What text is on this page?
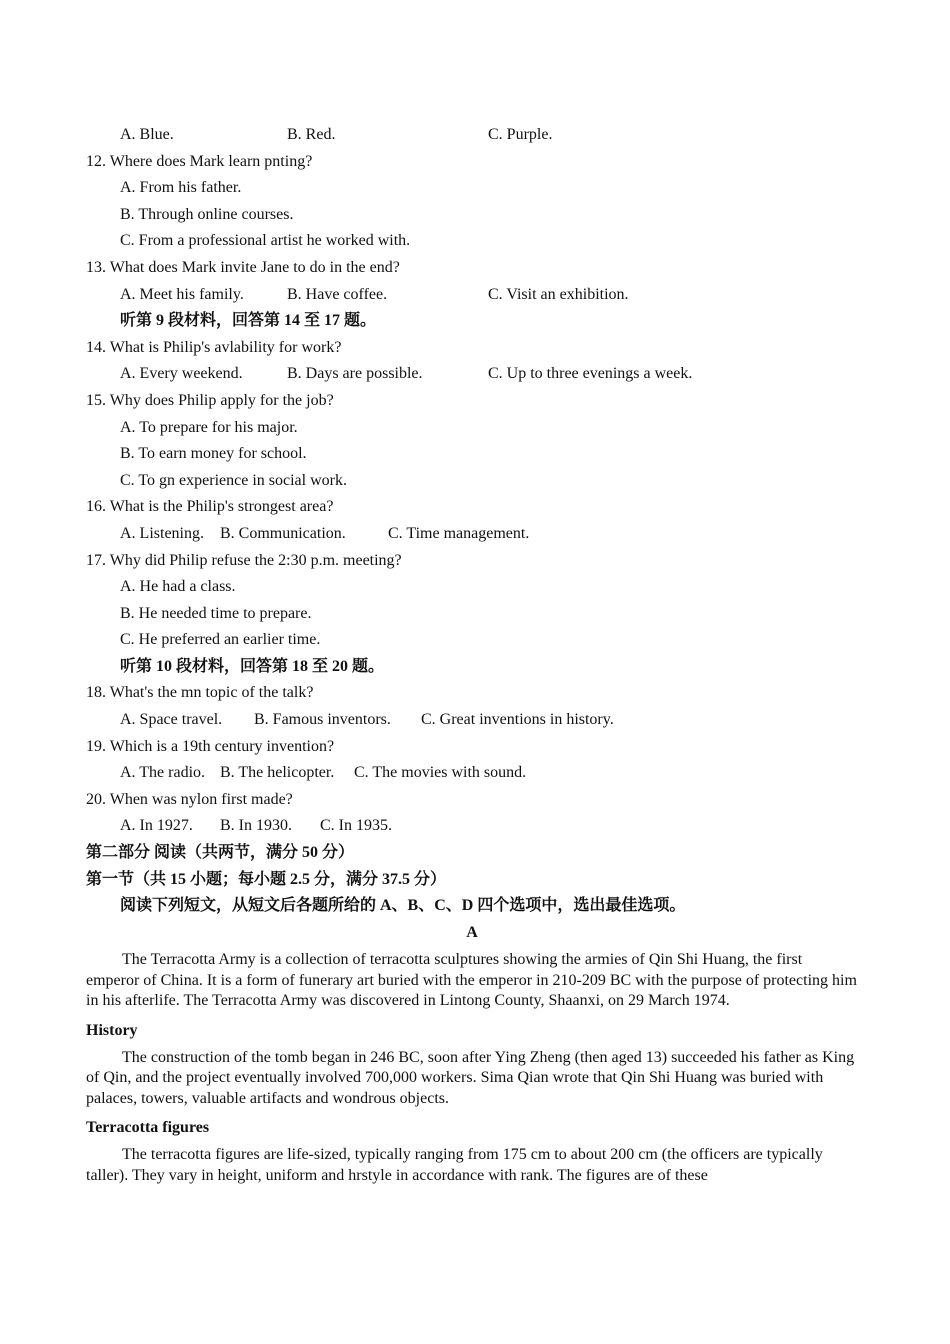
A. Blue.	B. Red.	C. Purple.
12. Where does Mark learn pnting?
A. From his father.
B. Through online courses.
C. From a professional artist he worked with.
13. What does Mark invite Jane to do in the end?
A. Meet his family.	B. Have coffee.	C. Visit an exhibition.
听第 9 段材料，回答第 14 至 17 题。
14. What is Philip's avlability for work?
A. Every weekend.	B. Days are possible.	C. Up to three evenings a week.
15. Why does Philip apply for the job?
A. To prepare for his major.
B. To earn money for school.
C. To gn experience in social work.
16. What is the Philip's strongest area?
A. Listening. B. Communication.	C. Time management.
17. Why did Philip refuse the 2:30 p.m. meeting?
A. He had a class.
B. He needed time to prepare.
C. He preferred an earlier time.
听第 10 段材料，回答第 18 至 20 题。
18. What's the mn topic of the talk?
A. Space travel. B. Famous inventors. C. Great inventions in history.
19. Which is a 19th century invention?
A. The radio. B. The helicopter. C. The movies with sound.
20. When was nylon first made?
A. In 1927. B. In 1930. C. In 1935.
第二部分 阅读（共两节，满分 50 分）
第一节（共 15 小题；每小题 2.5 分，满分 37.5 分）
阅读下列短文，从短文后各题所给的 A、B、C、D 四个选项中，选出最佳选项。
A

The Terracotta Army is a collection of terracotta sculptures showing the armies of Qin Shi Huang, the first emperor of China. It is a form of funerary art buried with the emperor in 210-209 BC with the purpose of protecting him in his afterlife. The Terracotta Army was discovered in Lintong County, Shaanxi, on 29 March 1974.

History

The construction of the tomb began in 246 BC, soon after Ying Zheng (then aged 13) succeeded his father as King of Qin, and the project eventually involved 700,000 workers. Sima Qian wrote that Qin Shi Huang was buried with palaces, towers, valuable artifacts and wondrous objects.

Terracotta figures

The terracotta figures are life-sized, typically ranging from 175 cm to about 200 cm (the officers are typically taller). They vary in height, uniform and hrstyle in accordance with rank. The figures are of these
